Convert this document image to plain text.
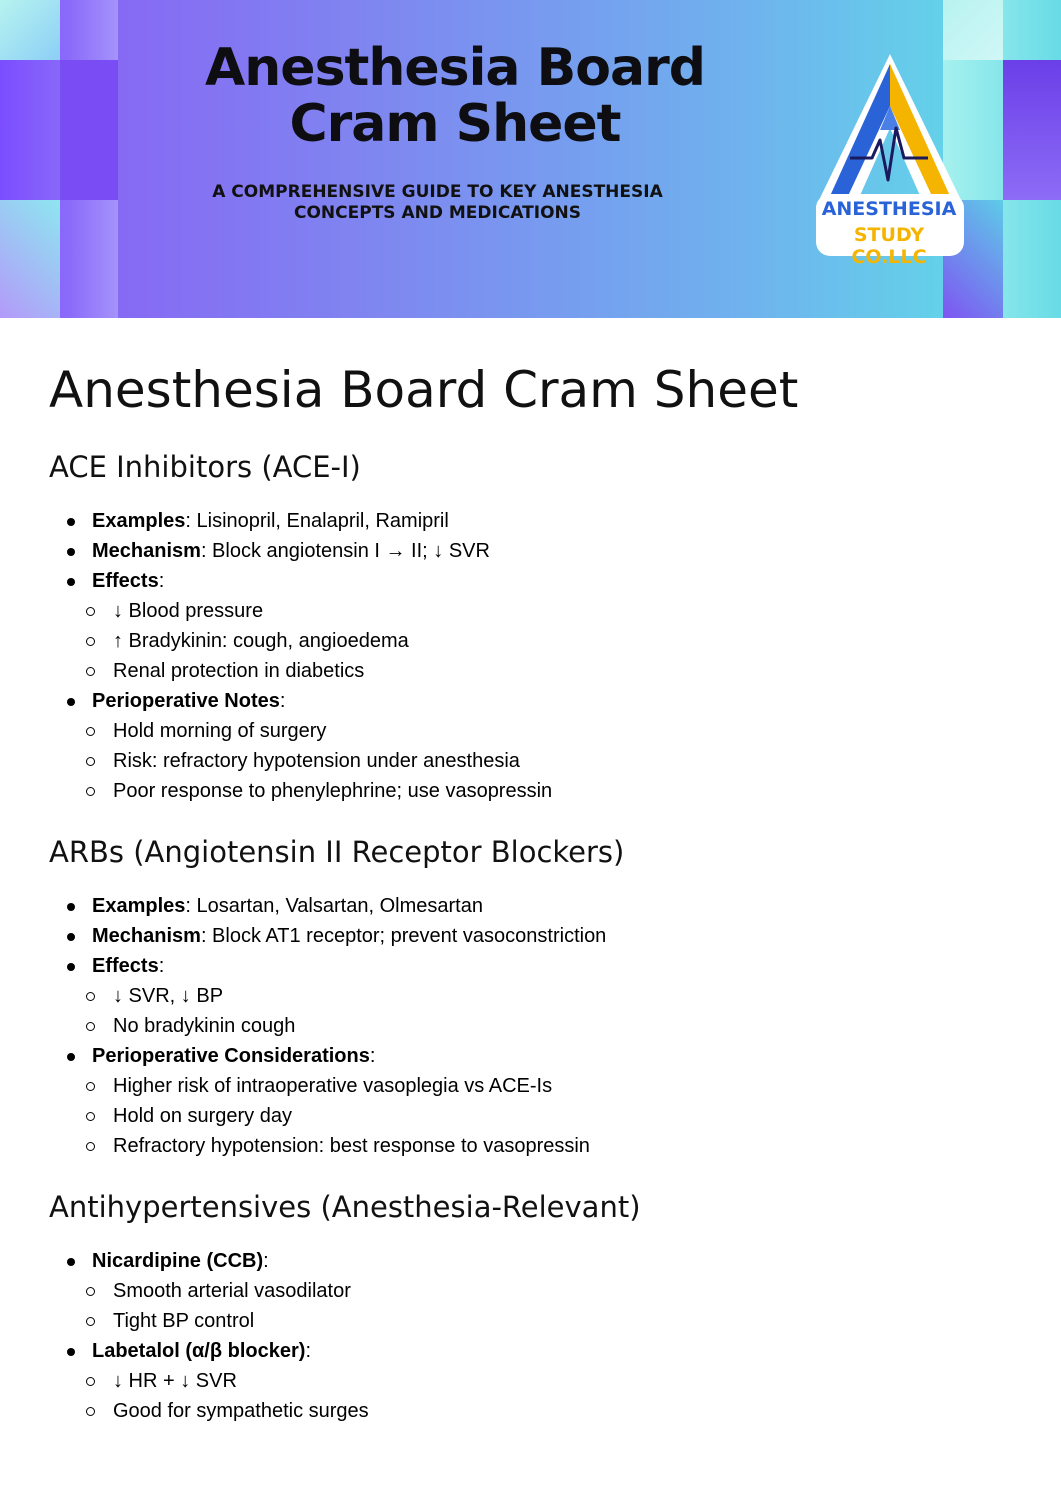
Anesthesia Board Cram Sheet

A COMPREHENSIVE GUIDE TO KEY ANESTHESIA CONCEPTS AND MEDICATIONS	ANESTHESIA
STUDY CO.LLC
Anesthesia Board Cram Sheet
ACE Inhibitors (ACE-I)
Examples: Lisinopril, Enalapril, Ramipril
Mechanism: Block angiotensin I → II; ↓ SVR
Effects:
↓ Blood pressure
↑ Bradykinin: cough, angioedema
Renal protection in diabetics
Perioperative Notes:
Hold morning of surgery
Risk: refractory hypotension under anesthesia
Poor response to phenylephrine; use vasopressin
ARBs (Angiotensin II Receptor Blockers)
Examples: Losartan, Valsartan, Olmesartan
Mechanism: Block AT1 receptor; prevent vasoconstriction
Effects:
↓ SVR, ↓ BP
No bradykinin cough
Perioperative Considerations:
Higher risk of intraoperative vasoplegia vs ACE-Is
Hold on surgery day
Refractory hypotension: best response to vasopressin
Antihypertensives (Anesthesia-Relevant)
Nicardipine (CCB):
Smooth arterial vasodilator
Tight BP control
Labetalol (α/β blocker):
↓ HR + ↓ SVR
Good for sympathetic surges
